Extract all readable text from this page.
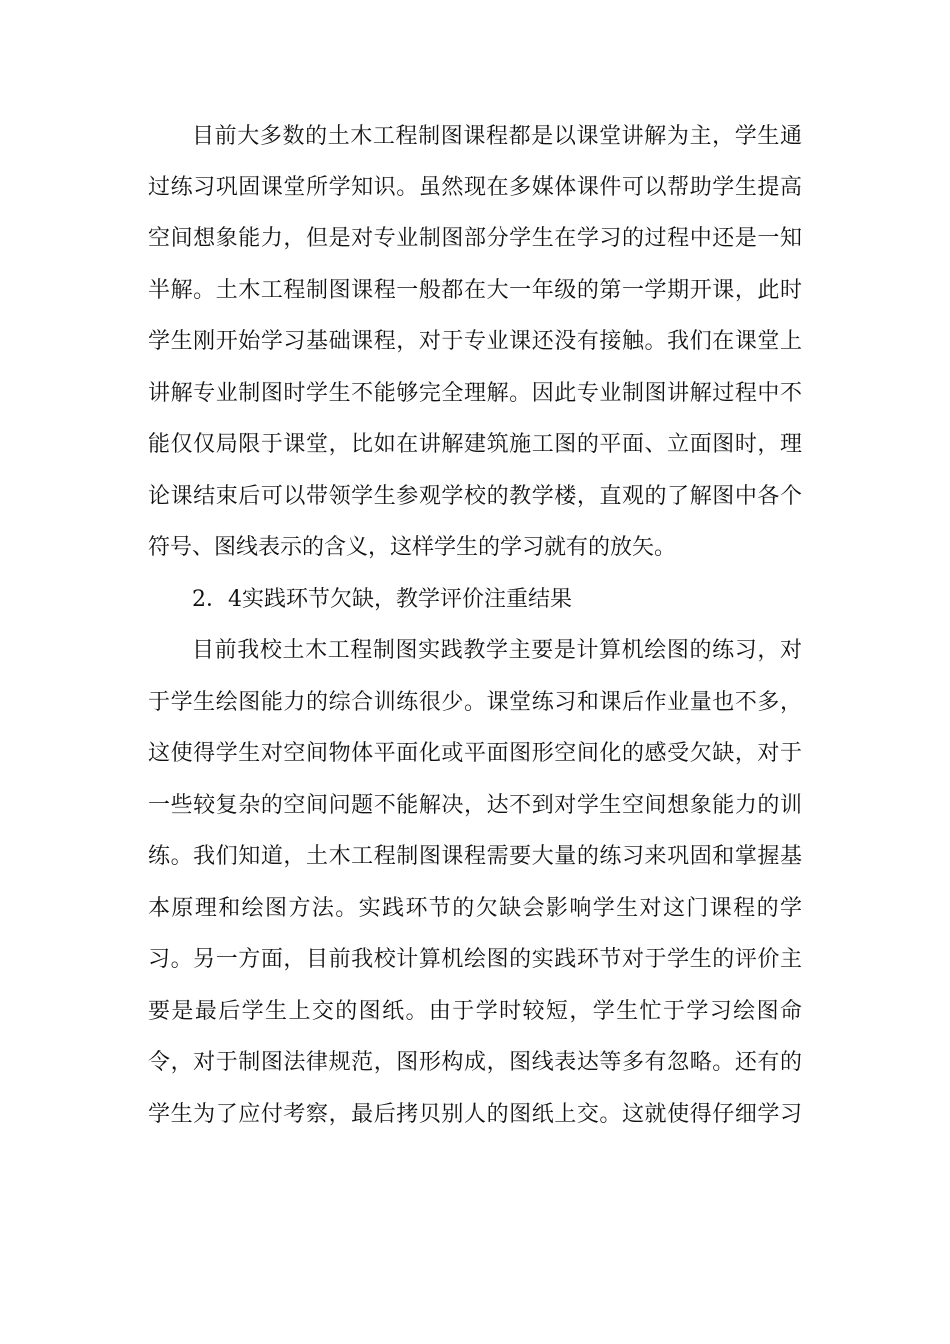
目前大多数的土木工程制图课程都是以课堂讲解为主，学生通
过练习巩固课堂所学知识。虽然现在多媒体课件可以帮助学生提高
空间想象能力，但是对专业制图部分学生在学习的过程中还是一知
半解。土木工程制图课程一般都在大一年级的第一学期开课，此时
学生刚开始学习基础课程，对于专业课还没有接触。我们在课堂上
讲解专业制图时学生不能够完全理解。因此专业制图讲解过程中不
能仅仅局限于课堂，比如在讲解建筑施工图的平面、立面图时，理
论课结束后可以带领学生参观学校的教学楼，直观的了解图中各个
符号、图线表示的含义，这样学生的学习就有的放矢。
2．4实践环节欠缺，教学评价注重结果
目前我校土木工程制图实践教学主要是计算机绘图的练习，对
于学生绘图能力的综合训练很少。课堂练习和课后作业量也不多，
这使得学生对空间物体平面化或平面图形空间化的感受欠缺，对于
一些较复杂的空间问题不能解决，达不到对学生空间想象能力的训
练。我们知道，土木工程制图课程需要大量的练习来巩固和掌握基
本原理和绘图方法。实践环节的欠缺会影响学生对这门课程的学
习。另一方面，目前我校计算机绘图的实践环节对于学生的评价主
要是最后学生上交的图纸。由于学时较短，学生忙于学习绘图命
令，对于制图法律规范，图形构成，图线表达等多有忽略。还有的
学生为了应付考察，最后拷贝别人的图纸上交。这就使得仔细学习
